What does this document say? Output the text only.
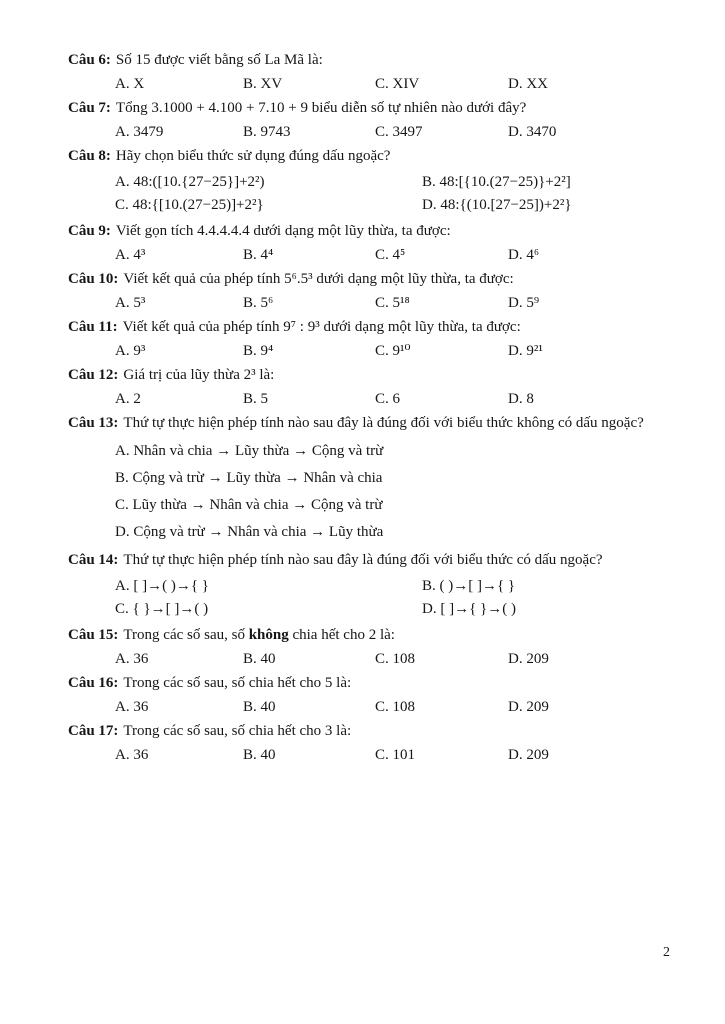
Câu 6: Số 15 được viết bằng số La Mã là:

A. X	B. XV	C. XIV	D. XX

Câu 7: Tổng 3.1000 + 4.100 + 7.10 + 9 biểu diễn số tự nhiên nào dưới đây?

A. 3479	B. 9743	C. 3497	D. 3470

Câu 8: Hãy chọn biểu thức sử dụng đúng dấu ngoặc?

A. 48:([10.{27−25}]+2²)	B. 48:[{10.(27−25)}+2²]
C. 48:{[10.(27−25)]+2²}	D. 48:{(10.[27−25])+2²}

Câu 9: Viết gọn tích 4.4.4.4.4 dưới dạng một lũy thừa, ta được:

A. 4³	B. 4⁴	C. 4⁵	D. 4⁶

Câu 10: Viết kết quả của phép tính 5⁶.5³ dưới dạng một lũy thừa, ta được:

A. 5³	B. 5⁶	C. 5¹⁸	D. 5⁹

Câu 11: Viết kết quả của phép tính 9⁷ : 9³ dưới dạng một lũy thừa, ta được:

A. 9³	B. 9⁴	C. 9¹⁰	D. 9²¹

Câu 12: Giá trị của lũy thừa 2³ là:

A. 2	B. 5	C. 6	D. 8

Câu 13: Thứ tự thực hiện phép tính nào sau đây là đúng đối với biểu thức không có dấu ngoặc?

A. Nhân và chia → Lũy thừa → Cộng và trừ
B. Cộng và trừ → Lũy thừa → Nhân và chia
C. Lũy thừa → Nhân và chia → Cộng và trừ
D. Cộng và trừ → Nhân và chia → Lũy thừa

Câu 14: Thứ tự thực hiện phép tính nào sau đây là đúng đối với biểu thức có dấu ngoặc?

A. [ ]→( )→{ }	B. ( )→[ ]→{ }
C. { }→[ ]→( )	D. [ ]→{ }→( )

Câu 15: Trong các số sau, số không chia hết cho 2 là:

A. 36	B. 40	C. 108	D. 209

Câu 16: Trong các số sau, số chia hết cho 5 là:

A. 36	B. 40	C. 108	D. 209

Câu 17: Trong các số sau, số chia hết cho 3 là:

A. 36	B. 40	C. 101	D. 209
2
